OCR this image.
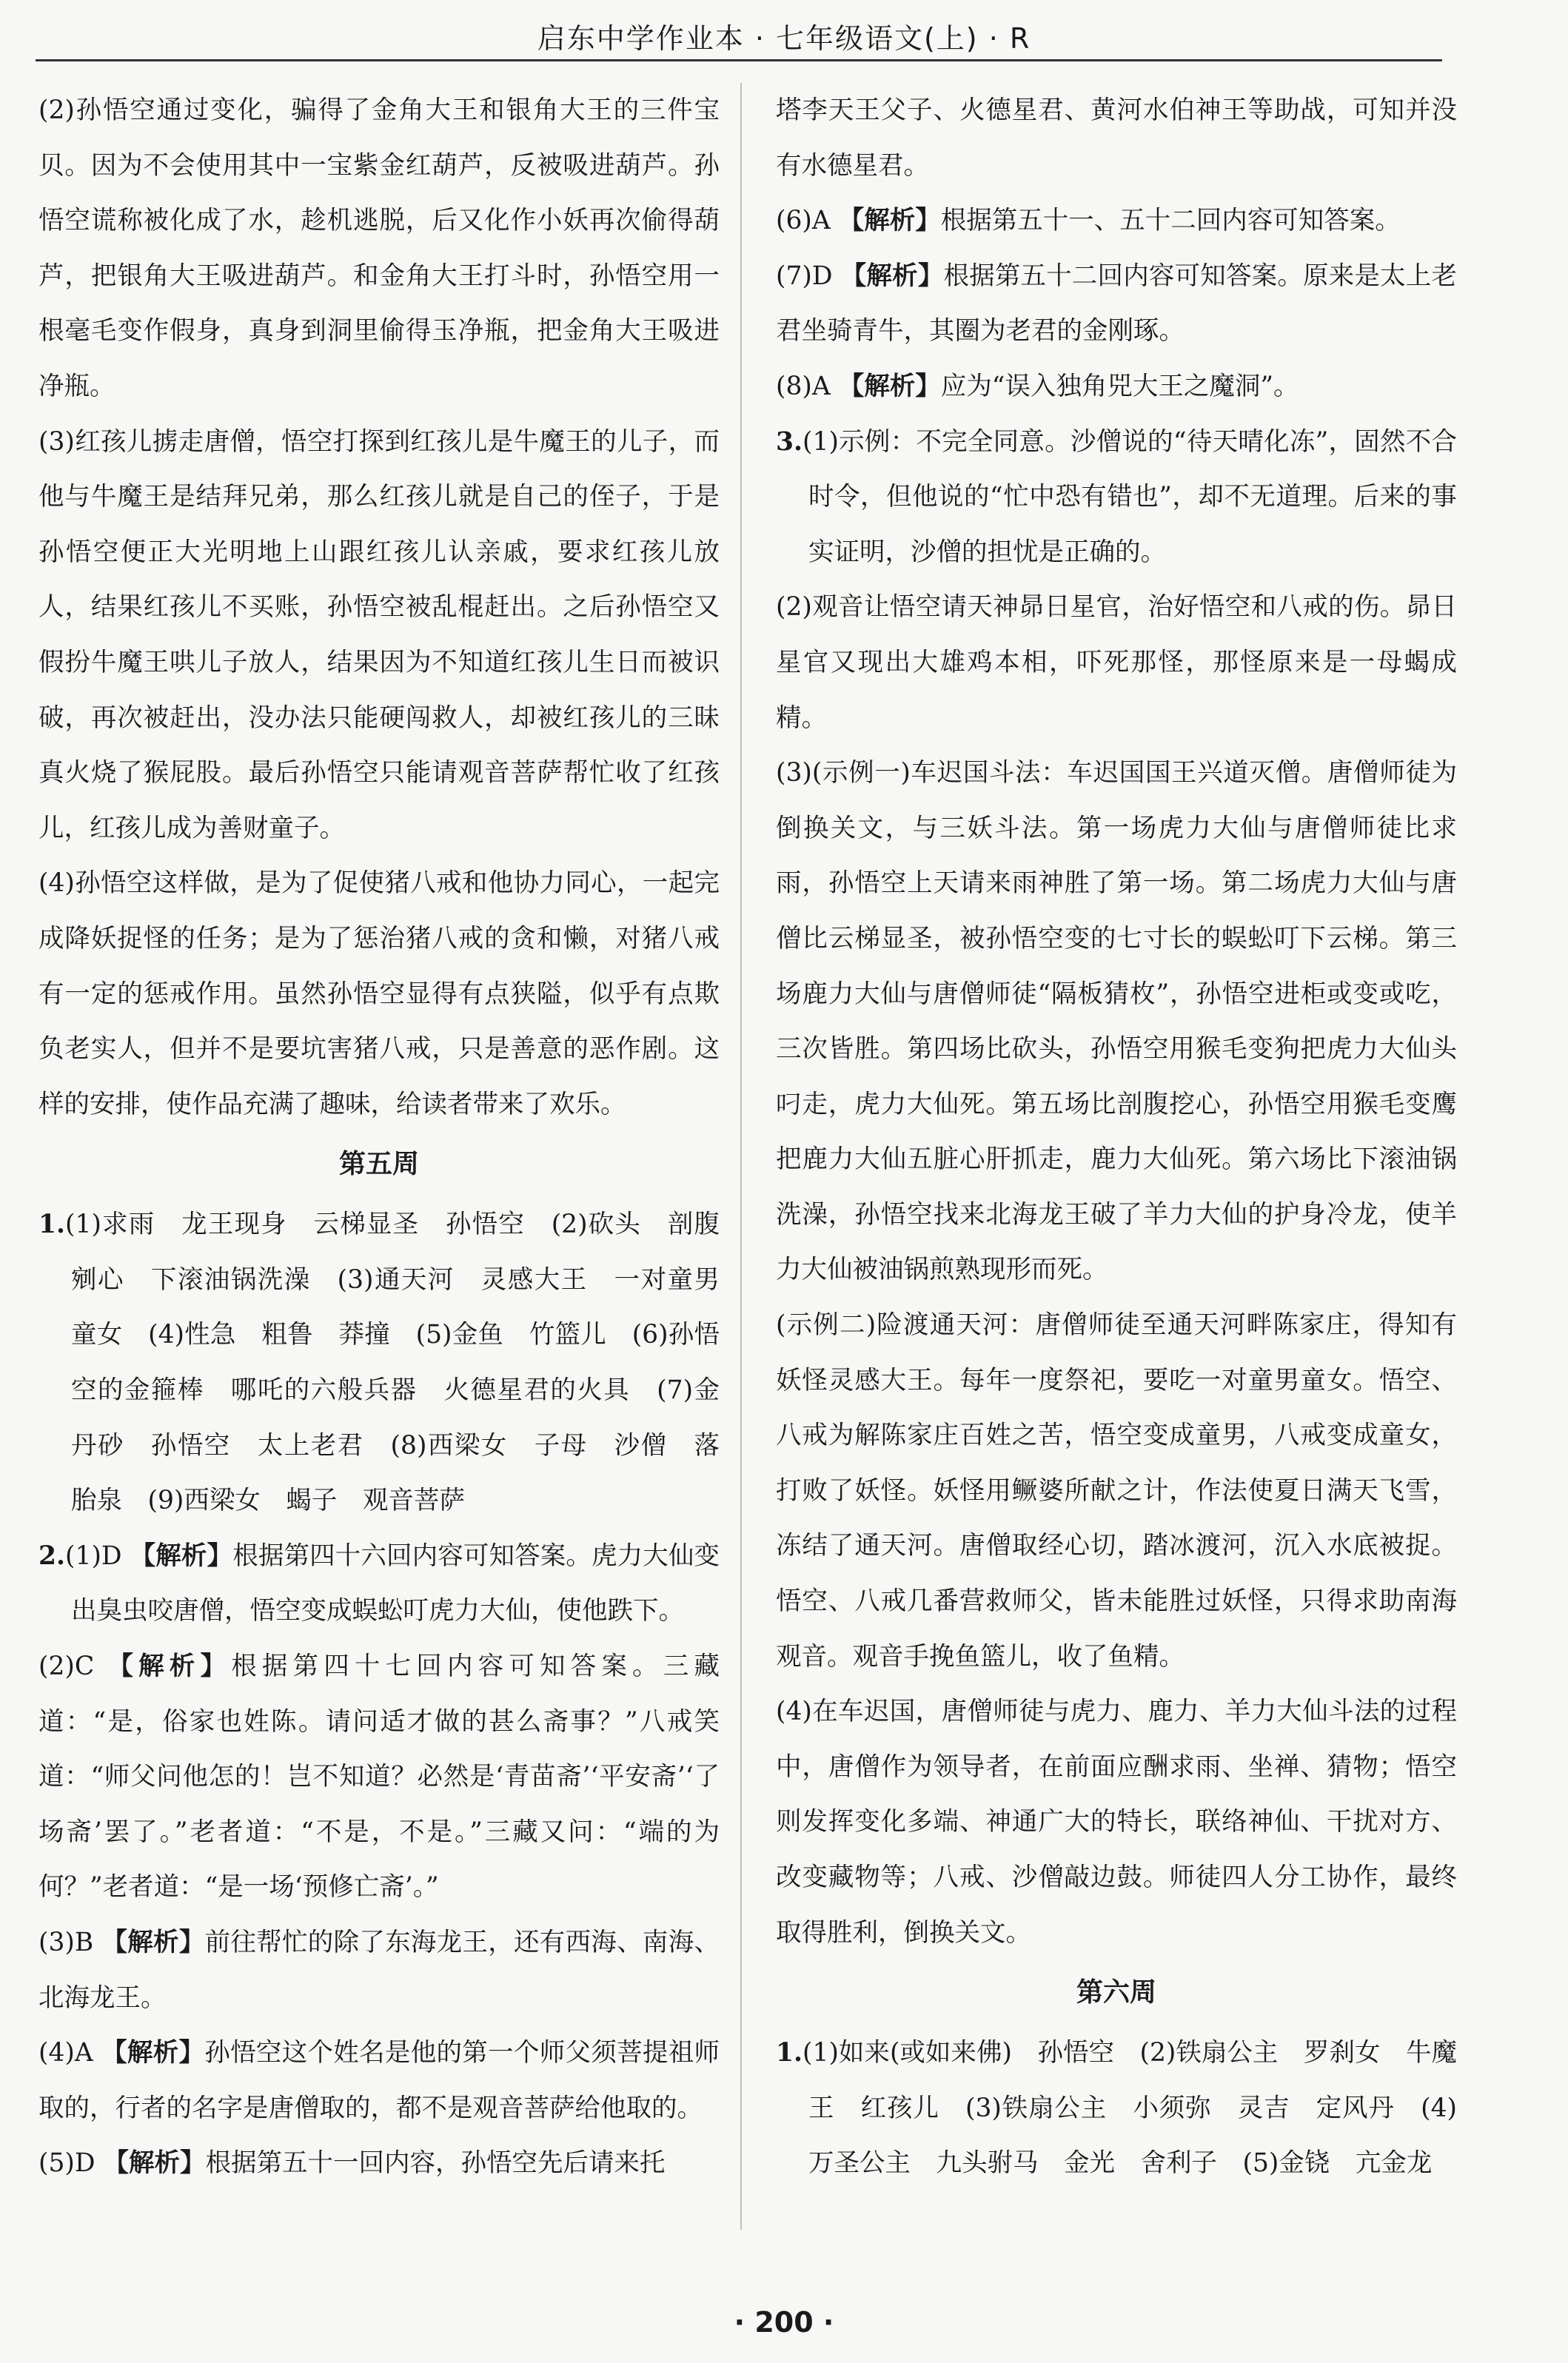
启东中学作业本 · 七年级语文(上) · R

(2)孙悟空通过变化，骗得了金角大王和银角大王的三件宝贝。因为不会使用其中一宝紫金红葫芦，反被吸进葫芦。孙悟空谎称被化成了水，趁机逃脱，后又化作小妖再次偷得葫芦，把银角大王吸进葫芦。和金角大王打斗时，孙悟空用一根毫毛变作假身，真身到洞里偷得玉净瓶，把金角大王吸进净瓶。

(3)红孩儿掳走唐僧，悟空打探到红孩儿是牛魔王的儿子，而他与牛魔王是结拜兄弟，那么红孩儿就是自己的侄子，于是孙悟空便正大光明地上山跟红孩儿认亲戚，要求红孩儿放人，结果红孩儿不买账，孙悟空被乱棍赶出。之后孙悟空又假扮牛魔王哄儿子放人，结果因为不知道红孩儿生日而被识破，再次被赶出，没办法只能硬闯救人，却被红孩儿的三昧真火烧了猴屁股。最后孙悟空只能请观音菩萨帮忙收了红孩儿，红孩儿成为善财童子。

(4)孙悟空这样做，是为了促使猪八戒和他协力同心，一起完成降妖捉怪的任务；是为了惩治猪八戒的贪和懒，对猪八戒有一定的惩戒作用。虽然孙悟空显得有点狭隘，似乎有点欺负老实人，但并不是要坑害猪八戒，只是善意的恶作剧。这样的安排，使作品充满了趣味，给读者带来了欢乐。

第五周

1.(1)求雨　龙王现身　云梯显圣　孙悟空　(2)砍头　剖腹剜心　下滚油锅洗澡　(3)通天河　灵感大王　一对童男童女　(4)性急　粗鲁　莽撞　(5)金鱼　竹篮儿　(6)孙悟空的金箍棒　哪吒的六般兵器　火德星君的火具　(7)金丹砂　孙悟空　太上老君　(8)西梁女　子母　沙僧　落胎泉　(9)西梁女　蝎子　观音菩萨

2.(1)D 【解析】根据第四十六回内容可知答案。虎力大仙变出臭虫咬唐僧，悟空变成蜈蚣叮虎力大仙，使他跌下。

(2)C 【解析】根据第四十七回内容可知答案。三藏道：“是，俗家也姓陈。请问适才做的甚么斋事？”八戒笑道：“师父问他怎的！岂不知道？必然是‘青苗斋’‘平安斋’‘了场斋’罢了。”老者道：“不是，不是。”三藏又问：“端的为何？”老者道：“是一场‘预修亡斋’。”

(3)B 【解析】前往帮忙的除了东海龙王，还有西海、南海、北海龙王。

(4)A 【解析】孙悟空这个姓名是他的第一个师父须菩提祖师取的，行者的名字是唐僧取的，都不是观音菩萨给他取的。

(5)D 【解析】根据第五十一回内容，孙悟空先后请来托

塔李天王父子、火德星君、黄河水伯神王等助战，可知并没有水德星君。

(6)A 【解析】根据第五十一、五十二回内容可知答案。

(7)D 【解析】根据第五十二回内容可知答案。原来是太上老君坐骑青牛，其圈为老君的金刚琢。

(8)A 【解析】应为“误入独角兕大王之魔洞”。

3.(1)示例：不完全同意。沙僧说的“待天晴化冻”，固然不合时令，但他说的“忙中恐有错也”，却不无道理。后来的事实证明，沙僧的担忧是正确的。

(2)观音让悟空请天神昴日星官，治好悟空和八戒的伤。昴日星官又现出大雄鸡本相，吓死那怪，那怪原来是一母蝎成精。

(3)(示例一)车迟国斗法：车迟国国王兴道灭僧。唐僧师徒为倒换关文，与三妖斗法。第一场虎力大仙与唐僧师徒比求雨，孙悟空上天请来雨神胜了第一场。第二场虎力大仙与唐僧比云梯显圣，被孙悟空变的七寸长的蜈蚣叮下云梯。第三场鹿力大仙与唐僧师徒“隔板猜枚”，孙悟空进柜或变或吃，三次皆胜。第四场比砍头，孙悟空用猴毛变狗把虎力大仙头叼走，虎力大仙死。第五场比剖腹挖心，孙悟空用猴毛变鹰把鹿力大仙五脏心肝抓走，鹿力大仙死。第六场比下滚油锅洗澡，孙悟空找来北海龙王破了羊力大仙的护身冷龙，使羊力大仙被油锅煎熟现形而死。

(示例二)险渡通天河：唐僧师徒至通天河畔陈家庄，得知有妖怪灵感大王。每年一度祭祀，要吃一对童男童女。悟空、八戒为解陈家庄百姓之苦，悟空变成童男，八戒变成童女，打败了妖怪。妖怪用鳜婆所献之计，作法使夏日满天飞雪，冻结了通天河。唐僧取经心切，踏冰渡河，沉入水底被捉。悟空、八戒几番营救师父，皆未能胜过妖怪，只得求助南海观音。观音手挽鱼篮儿，收了鱼精。

(4)在车迟国，唐僧师徒与虎力、鹿力、羊力大仙斗法的过程中，唐僧作为领导者，在前面应酬求雨、坐禅、猜物；悟空则发挥变化多端、神通广大的特长，联络神仙、干扰对方、改变藏物等；八戒、沙僧敲边鼓。师徒四人分工协作，最终取得胜利，倒换关文。

第六周

1.(1)如来(或如来佛)　孙悟空　(2)铁扇公主　罗刹女　牛魔王　红孩儿　(3)铁扇公主　小须弥　灵吉　定风丹　(4)万圣公主　九头驸马　金光　舍利子　(5)金铙　亢金龙

· 200 ·
